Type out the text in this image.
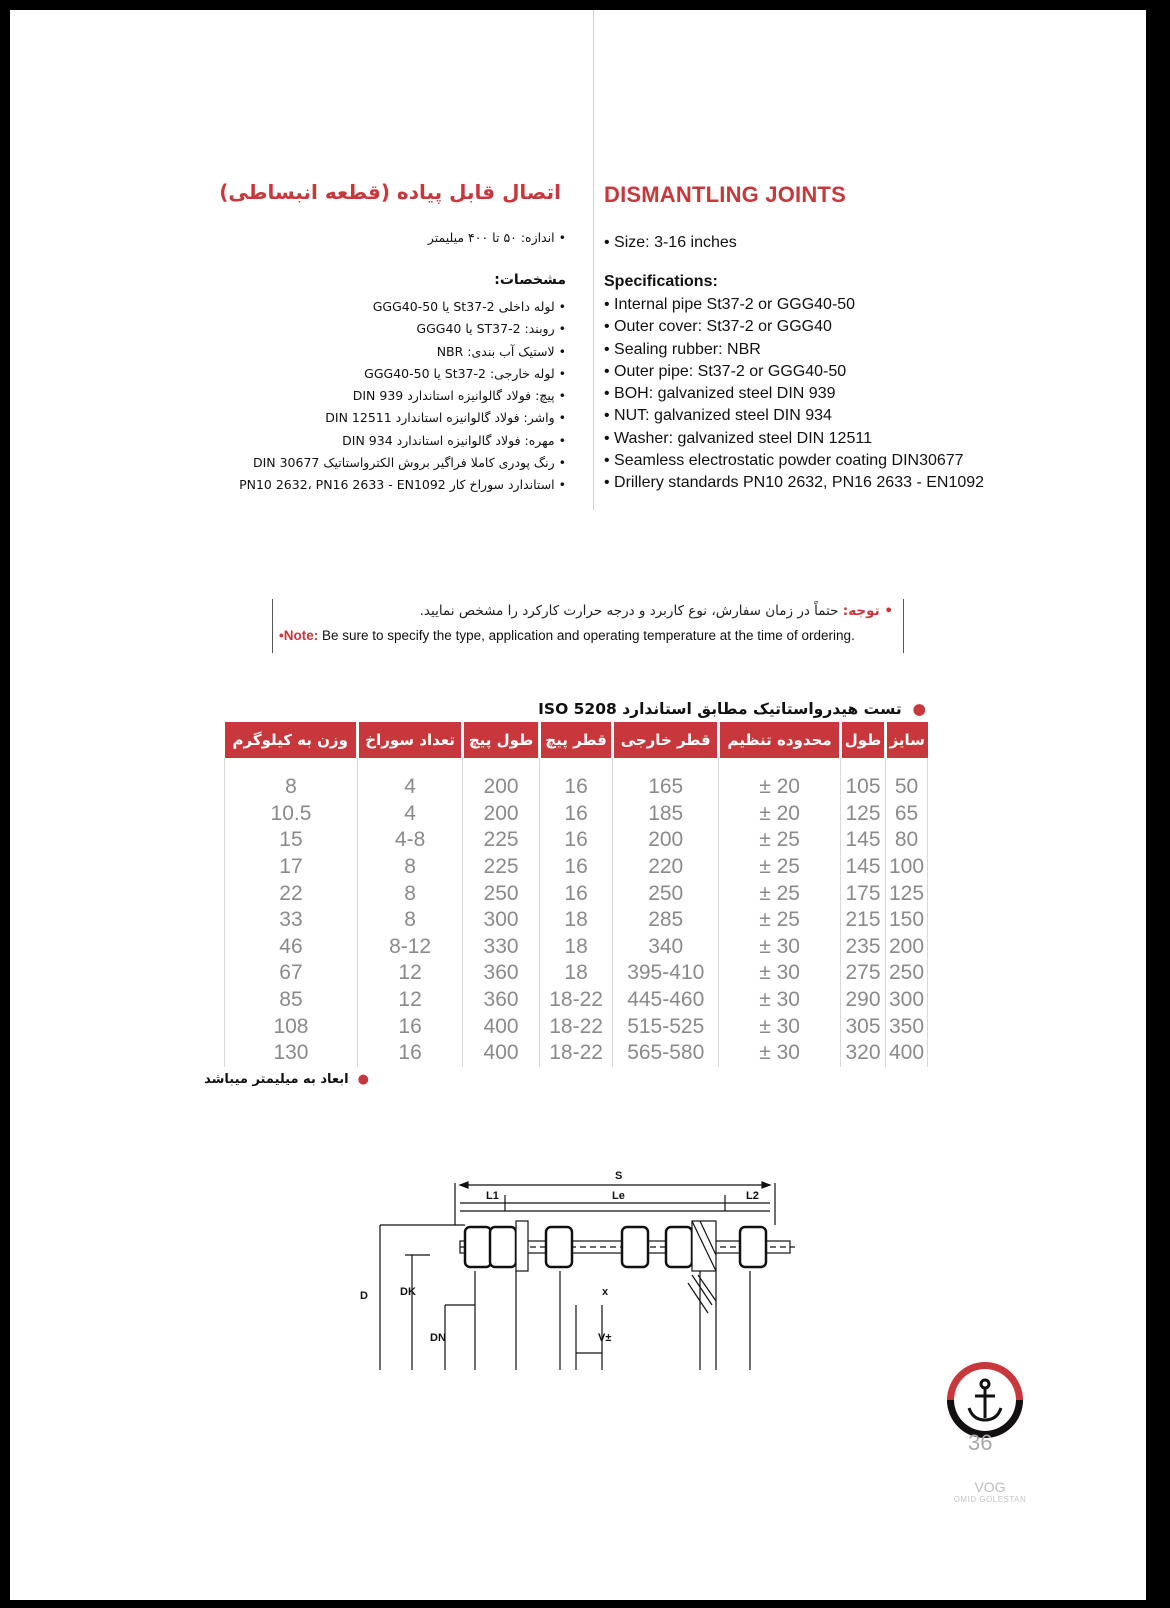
DISMANTLING JOINTS
اتصال قابل پیاده (قطعه انبساطی)
• Size: 3-16 inches
• اندازه: ۵۰ تا ۴۰۰ میلیمتر
Specifications:
مشخصات:
• Internal pipe St37-2 or GGG40-50
• Outer cover: St37-2 or GGG40
• Sealing rubber: NBR
• Outer pipe: St37-2 or GGG40-50
• BOH: galvanized steel DIN 939
• NUT: galvanized steel DIN 934
• Washer: galvanized steel DIN 12511
• Seamless electrostatic powder coating DIN30677
• Drillery standards PN10 2632, PN16 2633 - EN1092
• لوله داخلی St37-2 یا GGG40-50
• روبند: ST37-2 یا GGG40
• لاستیک آب بندی: NBR
• لوله خارجی: St37-2 یا GGG40-50
• پیچ: فولاد گالوانیزه استاندارد DIN 939
• واشر: فولاد گالوانیزه استاندارد DIN 12511
• مهره: فولاد گالوانیزه استاندارد DIN 934
• رنگ پودری کاملا فراگیر بروش الکترواستاتیک DIN 30677
• استاندارد سوراخ کار PN10 2632، PN16 2633 - EN1092
• توجه: حتماً در زمان سفارش، نوع کاربرد و درجه حرارت کارکرد را مشخص نمایید.
•Note: Be sure to specify the type, application and operating temperature at the time of ordering.
●  تست هیدرواستاتیک مطابق استاندارد ISO 5208
وزن به کیلوگرم	تعداد سوراخ	طول پیچ	قطر پیچ	قطر خارجی	محدوده تنظیم	طول	سایز

8	4	200	16	165	± 20	105	50
10.5	4	200	16	185	± 20	125	65
15	4-8	225	16	200	± 25	145	80
17	8	225	16	220	± 25	145	100
22	8	250	16	250	± 25	175	125
33	8	300	18	285	± 25	215	150
46	8-12	330	18	340	± 30	235	200
67	12	360	18	395-410	± 30	275	250
85	12	360	18-22	445-460	± 30	290	300
108	16	400	18-22	515-525	± 30	305	350
130	16	400	18-22	565-580	± 30	320	400
●  ابعاد به میلیمتر میباشد
S
L1	Le	L2
D	DK
DN
x
V±
36
VOG
OMID GOLESTAN
